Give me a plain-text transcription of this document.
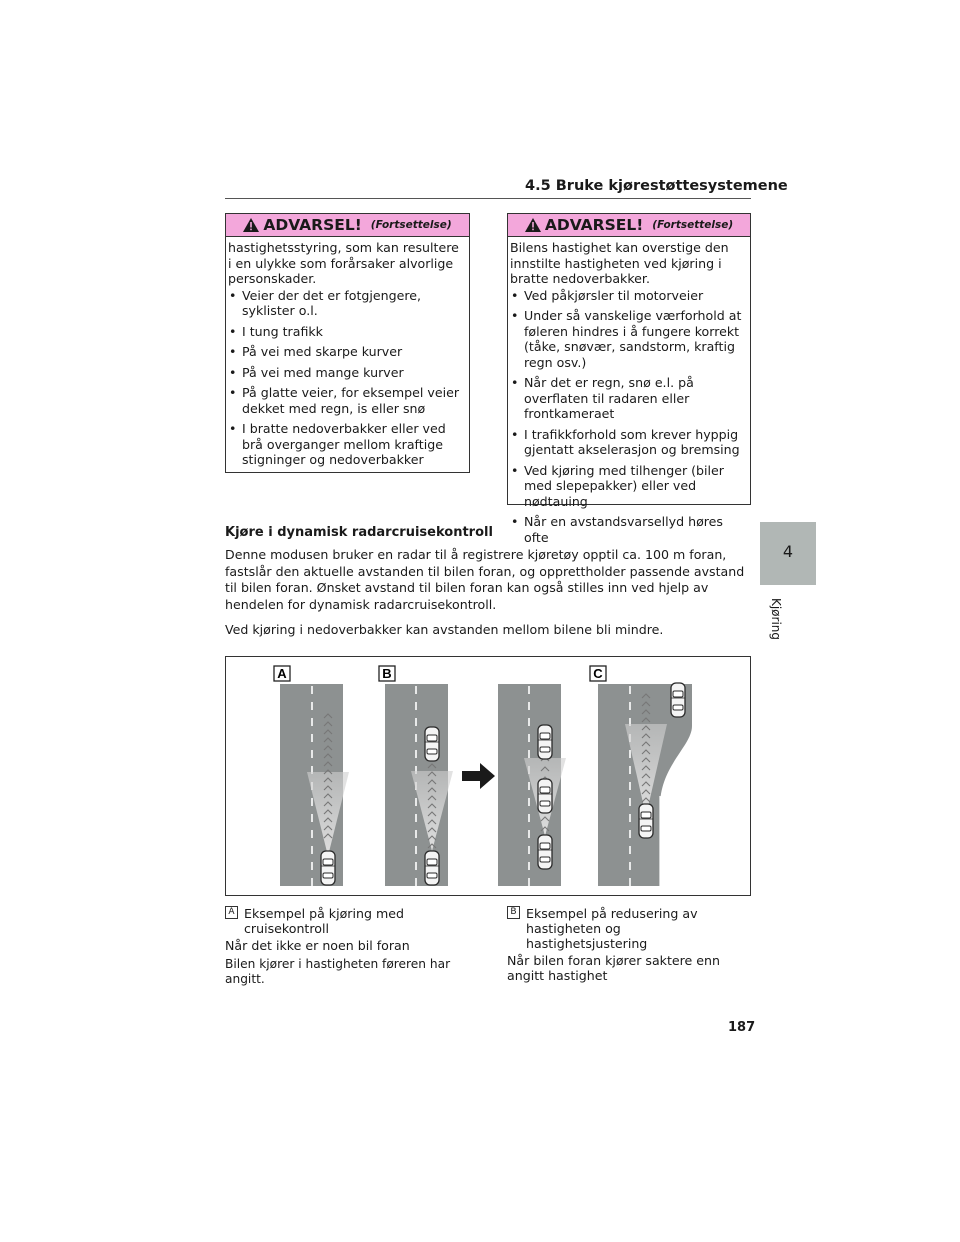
4.5 Bruke kjørestøttesystemene
ADVARSEL! (Fortsettelse)

hastighetsstyring, som kan resultere i en ulykke som forårsaker alvorlige personskader.

• Veier der det er fotgjengere, syklister o.l.
• I tung trafikk
• På vei med skarpe kurver
• På vei med mange kurver
• På glatte veier, for eksempel veier dekket med regn, is eller snø
• I bratte nedoverbakker eller ved brå overganger mellom kraftige stigninger og nedoverbakker
ADVARSEL! (Fortsettelse)

Bilens hastighet kan overstige den innstilte hastigheten ved kjøring i bratte nedoverbakker.

• Ved påkjørsler til motorveier
• Under så vanskelige værforhold at føleren hindres i å fungere korrekt (tåke, snøvær, sandstorm, kraftig regn osv.)
• Når det er regn, snø e.l. på overflaten til radaren eller frontkameraet
• I trafikkforhold som krever hyppig gjentatt akselerasjon og bremsing
• Ved kjøring med tilhenger (biler med slepepakker) eller ved nødtauing
• Når en avstandsvarsellyd høres ofte
Kjøre i dynamisk radarcruisekontroll

Denne modusen bruker en radar til å registrere kjøretøy opptil ca. 100 m foran, fastslår den aktuelle avstanden til bilen foran, og opprettholder passende avstand til bilen foran. Ønsket avstand til bilen foran kan også stilles inn ved hjelp av hendelen for dynamisk radarcruisekontroll.

Ved kjøring i nedoverbakker kan avstanden mellom bilene bli mindre.

4
Kjøring
A	B	C
A Eksempel på kjøring med cruisekontroll
Når det ikke er noen bil foran
Bilen kjører i hastigheten føreren har angitt.
B Eksempel på redusering av hastigheten og hastighetsjustering
Når bilen foran kjører saktere enn angitt hastighet
187
